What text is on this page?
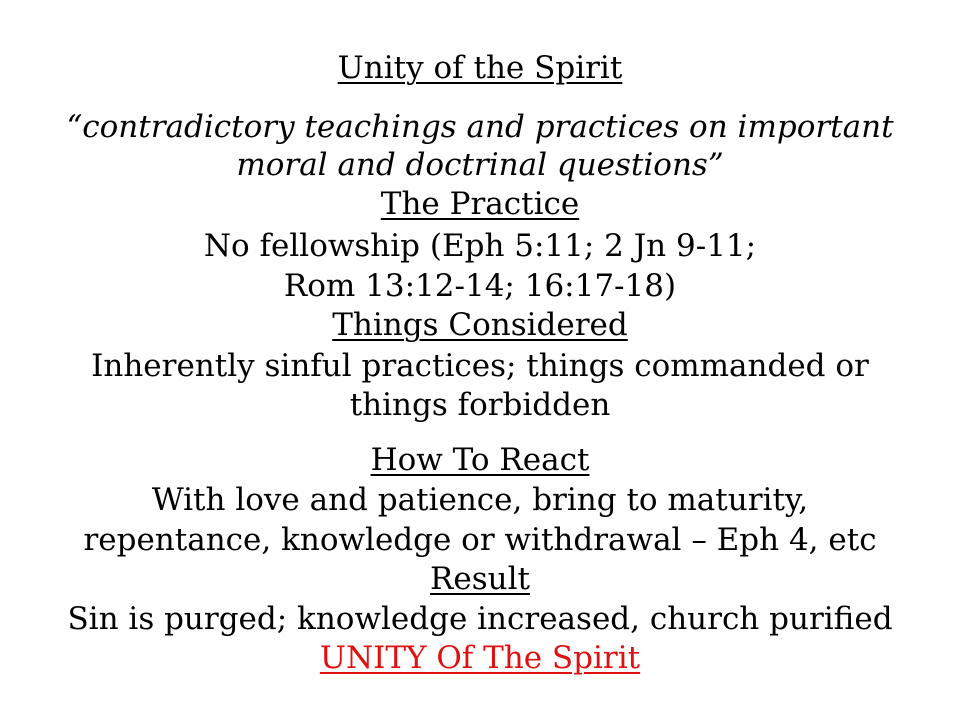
Unity of the Spirit
“contradictory teachings and practices on important
moral and doctrinal questions”
The Practice
No fellowship (Eph 5:11; 2 Jn 9-11;
Rom 13:12-14; 16:17-18)
Things Considered
Inherently sinful practices; things commanded or
things forbidden
How To React
With love and patience, bring to maturity,
repentance, knowledge or withdrawal – Eph 4, etc
Result
Sin is purged; knowledge increased, church purified
UNITY Of The Spirit
